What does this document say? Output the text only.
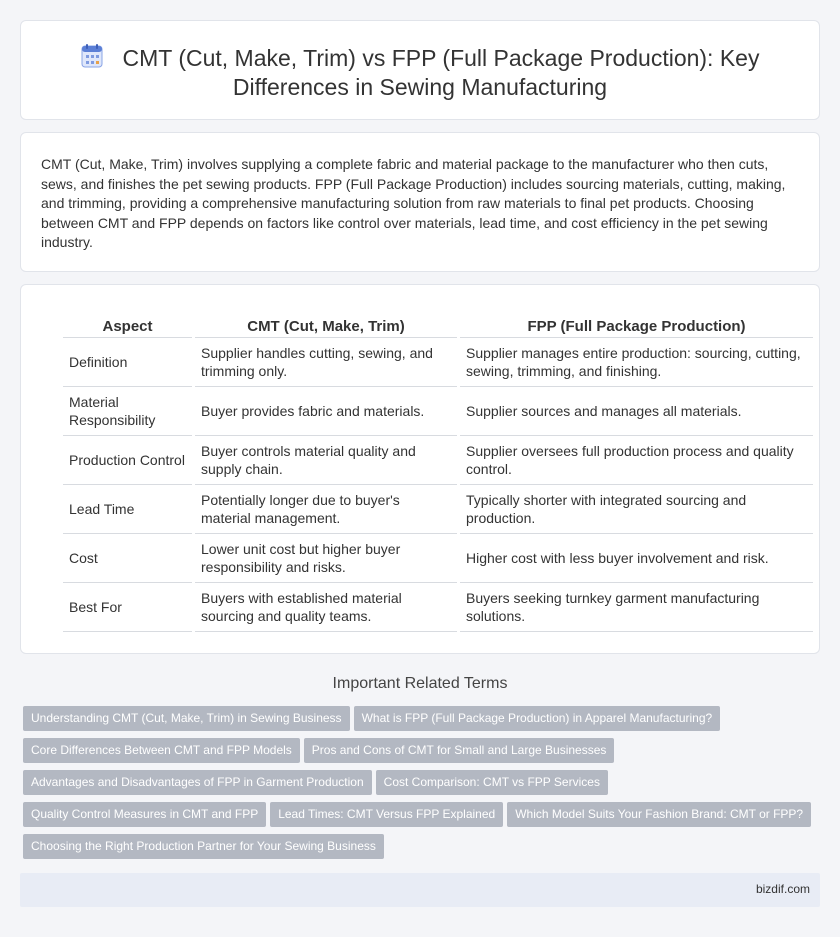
CMT (Cut, Make, Trim) vs FPP (Full Package Production): Key
Differences in Sewing Manufacturing

CMT (Cut, Make, Trim) involves supplying a complete fabric and material package to the manufacturer who then cuts, sews, and finishes the pet sewing products. FPP (Full Package Production) includes sourcing materials, cutting, making, and trimming, providing a comprehensive manufacturing solution from raw materials to final pet products. Choosing between CMT and FPP depends on factors like control over materials, lead time, and cost efficiency in the pet sewing industry.

Aspect	CMT (Cut, Make, Trim)	FPP (Full Package Production)
Definition	Supplier handles cutting, sewing, and trimming only.	Supplier manages entire production: sourcing, cutting, sewing, trimming, and finishing.
Material Responsibility	Buyer provides fabric and materials.	Supplier sources and manages all materials.
Production Control	Buyer controls material quality and supply chain.	Supplier oversees full production process and quality control.
Lead Time	Potentially longer due to buyer's material management.	Typically shorter with integrated sourcing and production.
Cost	Lower unit cost but higher buyer responsibility and risks.	Higher cost with less buyer involvement and risk.
Best For	Buyers with established material sourcing and quality teams.	Buyers seeking turnkey garment manufacturing solutions.
Important Related Terms
Understanding CMT (Cut, Make, Trim) in Sewing Business What is FPP (Full Package Production) in Apparel Manufacturing?
Core Differences Between CMT and FPP Models Pros and Cons of CMT for Small and Large Businesses
Advantages and Disadvantages of FPP in Garment Production Cost Comparison: CMT vs FPP Services
Quality Control Measures in CMT and FPP Lead Times: CMT Versus FPP Explained Which Model Suits Your Fashion Brand: CMT or FPP?
Choosing the Right Production Partner for Your Sewing Business
bizdif.com
